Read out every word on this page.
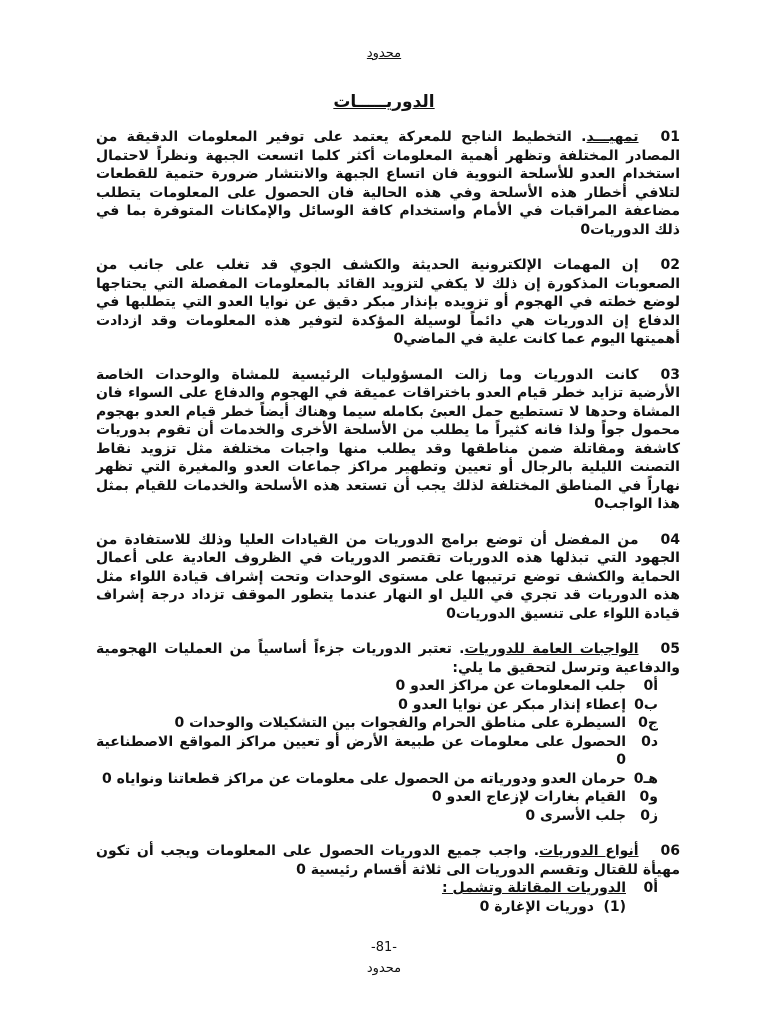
محدود
الدوريـــــات

01تمهيـــد. التخطيط الناجح للمعركة يعتمد على توفير المعلومات الدقيقة من المصادر المختلفة وتظهر أهمية المعلومات أكثر كلما اتسعت الجبهة ونظراً لاحتمال استخدام العدو للأسلحة النووية فان اتساع الجبهة والانتشار ضرورة حتمية للقطعات لتلافي أخطار هذه الأسلحة وفي هذه الحالية فان الحصول على المعلومات يتطلب مضاعفة المراقبات في الأمام واستخدام كافة الوسائل والإمكانات المتوفرة بما في ذلك الدوريات0

02إن المهمات الإلكترونية الحديثة والكشف الجوي قد تغلب على جانب من الصعوبات المذكورة إن ذلك لا يكفي لتزويد القائد بالمعلومات المفصلة التي يحتاجها لوضع خطته في الهجوم أو تزويده بإنذار مبكر دقيق عن نوايا العدو التي يتطلبها في الدفاع إن الدوريات هي دائماً لوسيلة المؤكدة لتوفير هذه المعلومات وقد ازدادت أهميتها اليوم عما كانت علية في الماضي0

03كانت الدوريات وما زالت المسؤوليات الرئيسية للمشاة والوحدات الخاصة الأرضية تزايد خطر قيام العدو باختراقات عميقة في الهجوم والدفاع على السواء فان المشاة وحدها لا تستطيع حمل العبئ بكامله سيما وهناك أيضاً خطر قيام العدو بهجوم محمول جواً ولذا فانه كثيراً ما يطلب من الأسلحة الأخرى والخدمات أن تقوم بدوريات كاشفة ومقاتلة ضمن مناطقها وقد يطلب منها واجبات مختلفة مثل تزويد نقاط التصنت الليلية بالرجال أو تعيين وتطهير مراكز جماعات العدو والمغيرة التي تظهر نهاراً في المناطق المختلفة لذلك يجب أن تستعد هذه الأسلحة والخدمات للقيام بمثل هذا الواجب0

04من المفضل أن توضع برامج الدوريات من القيادات العليا وذلك للاستفادة من الجهود التي تبذلها هذه الدوريات تقتصر الدوريات في الظروف العادية على أعمال الحماية والكشف توضع ترتيبها على مستوى الوحدات وتحت إشراف قيادة اللواء مثل هذه الدوريات قد تجري في الليل او النهار عندما يتطور الموقف تزداد درجة إشراف قيادة اللواء على تنسيق الدوريات0

05الواجبات العامة للدوريات. تعتبر الدوريات جزءاً أساسياً من العمليات الهجومية والدفاعية وترسل لتحقيق ما يلي:

أ0
جلب المعلومات عن مراكز العدو 0

ب0
إعطاء إنذار مبكر عن نوايا العدو 0

ج0
السيطرة على مناطق الحرام والفجوات بين التشكيلات والوحدات 0

د0
الحصول على معلومات عن طبيعة الأرض أو تعيين مراكز المواقع الاصطناعية 0

هـ0
حرمان العدو ودورياته من الحصول على معلومات عن مراكز قطعاتنا ونواياه 0

و0
القيام بغارات لإزعاج العدو 0

ز0
جلب الأسرى 0

06أنواع الدوريات. واجب جميع الدوريات الحصول على المعلومات ويجب أن تكون مهيأة للقتال وتقسم الدوريات الى ثلاثة أقسام رئيسية 0

أ0
الدوريات المقاتلة وتشمل :

(1)
دوريات الإغارة 0

-81-
محدود
